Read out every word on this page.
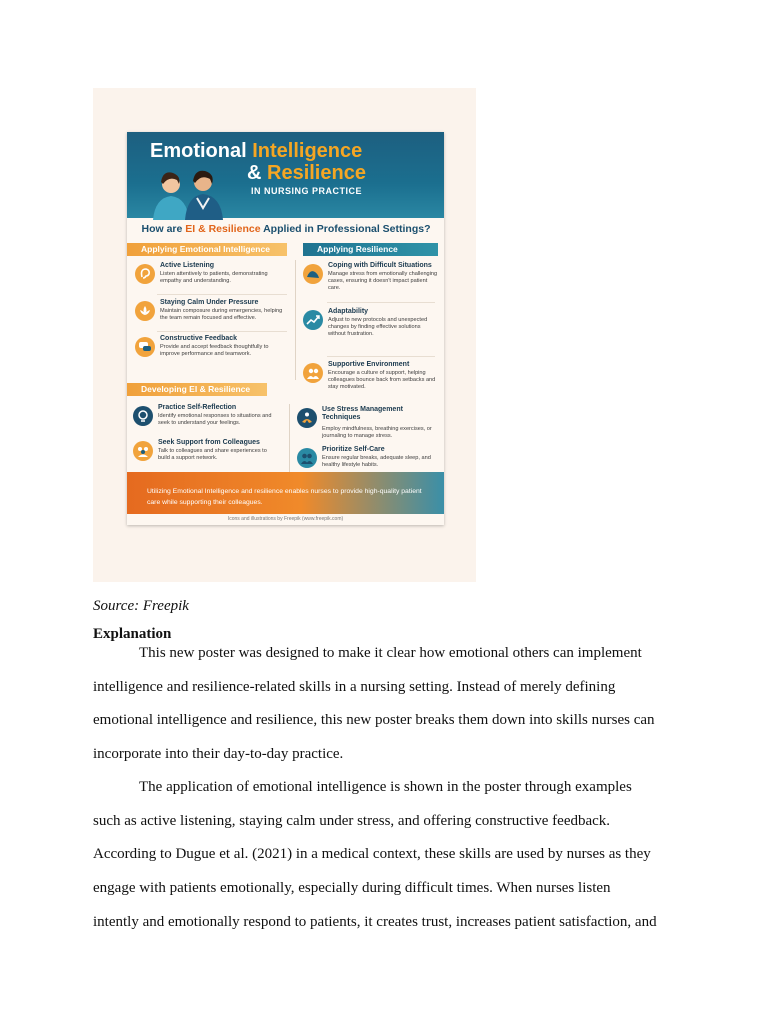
Emotional Intelligence
& Resilience
IN NURSING PRACTICE
How are EI & Resilience Applied in Professional Settings?
Applying Emotional Intelligence	Applying Resilience
Active Listening
Listen attentively to patients, demonstrating empathy and understanding.
Staying Calm Under Pressure
Maintain composure during emergencies, helping the team remain focused and effective.
Constructive Feedback
Provide and accept feedback thoughtfully to improve performance and teamwork.
Coping with Difficult Situations
Manage stress from emotionally challenging cases, ensuring it doesn't impact patient care.
Adaptability
Adjust to new protocols and unexpected changes by finding effective solutions without frustration.
Supportive Environment
Encourage a culture of support, helping colleagues bounce back from setbacks and stay motivated.
Developing EI & Resilience
Practice Self-Reflection
Identify emotional responses to situations and seek to understand your feelings.
Seek Support from Colleagues
Talk to colleagues and share experiences to build a support network.
Use Stress Management Techniques
Employ mindfulness, breathing exercises, or journaling to manage stress.
Prioritize Self-Care
Ensure regular breaks, adequate sleep, and healthy lifestyle habits.
Utilizing Emotional Intelligence and resilience enables nurses to provide high-quality patient care while supporting their colleagues.
Icons and illustrations by Freepik (www.freepik.com)
Source: Freepik
Explanation
This new poster was designed to make it clear how emotional others can implement
intelligence and resilience-related skills in a nursing setting. Instead of merely defining
emotional intelligence and resilience, this new poster breaks them down into skills nurses can
incorporate into their day-to-day practice.
The application of emotional intelligence is shown in the poster through examples
such as active listening, staying calm under stress, and offering constructive feedback.
According to Dugue et al. (2021) in a medical context, these skills are used by nurses as they
engage with patients emotionally, especially during difficult times. When nurses listen
intently and emotionally respond to patients, it creates trust, increases patient satisfaction, and
